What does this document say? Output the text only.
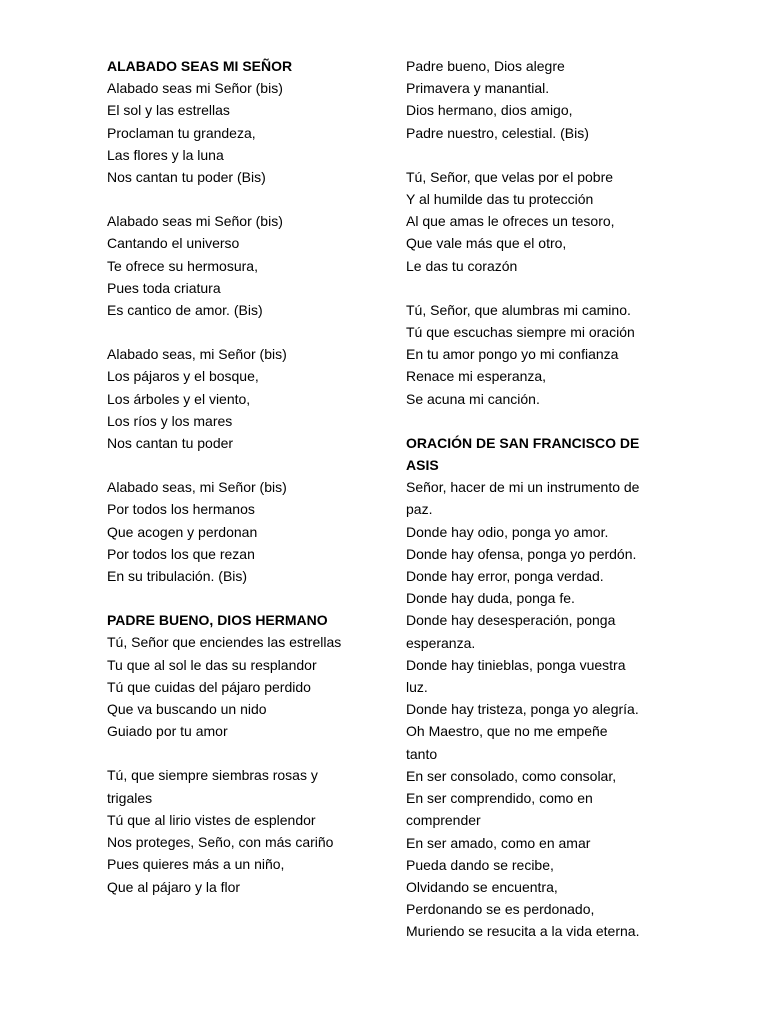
ALABADO SEAS MI SEÑOR
Alabado seas mi Señor (bis)
El sol y las estrellas
Proclaman tu grandeza,
Las flores y la luna
Nos cantan tu poder (Bis)
Alabado seas mi Señor (bis)
Cantando el universo
Te ofrece su hermosura,
Pues toda criatura
Es cantico de amor. (Bis)
Alabado seas, mi Señor (bis)
Los pájaros y el bosque,
Los árboles y el viento,
Los ríos y los mares
Nos cantan tu poder
Alabado seas, mi Señor (bis)
Por todos los hermanos
Que acogen y perdonan
Por todos los que rezan
En su tribulación. (Bis)
PADRE BUENO, DIOS HERMANO
Tú, Señor que enciendes las estrellas
Tu que al sol le das su resplandor
Tú que cuidas del pájaro perdido
Que va buscando un nido
Guiado por tu amor
Tú, que siempre siembras rosas y
trigales
Tú que al lirio vistes de esplendor
Nos proteges, Seño, con más cariño
Pues quieres más a un niño,
Que al pájaro y la flor
Padre bueno, Dios alegre
Primavera y manantial.
Dios hermano, dios amigo,
Padre nuestro, celestial. (Bis)
Tú, Señor, que velas por el pobre
Y al humilde das tu protección
Al que amas le ofreces un tesoro,
Que vale más que el otro,
Le das tu corazón
Tú, Señor, que alumbras mi camino.
Tú que escuchas siempre mi oración
En tu amor pongo yo mi confianza
Renace mi esperanza,
Se acuna mi canción.
ORACIÓN DE SAN FRANCISCO DE
ASIS
Señor, hacer de mi un instrumento de
paz.
Donde hay odio, ponga yo amor.
Donde hay ofensa, ponga yo perdón.
Donde hay error, ponga verdad.
Donde hay duda, ponga fe.
Donde hay desesperación, ponga
esperanza.
Donde hay tinieblas, ponga vuestra
luz.
Donde hay tristeza, ponga yo alegría.
Oh Maestro, que no me empeñe
tanto
En ser consolado, como consolar,
En ser comprendido, como en
comprender
En ser amado, como en amar
Pueda dando se recibe,
Olvidando se encuentra,
Perdonando se es perdonado,
Muriendo se resucita a la vida eterna.
